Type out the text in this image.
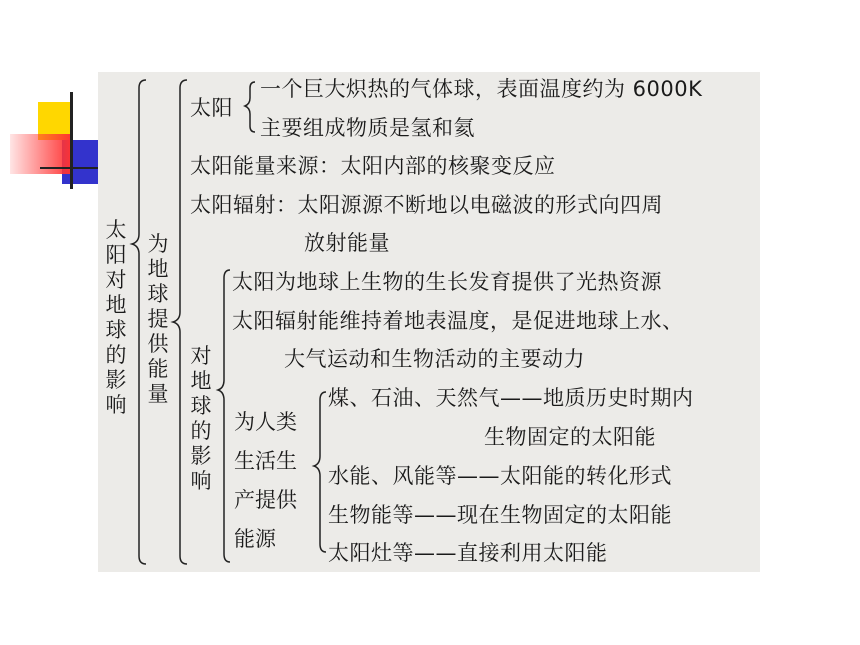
太阳对地球的影响
为地球提供能量
太阳
一个巨大炽热的气体球，表面温度约为 6000K
主要组成物质是氢和氦
太阳能量来源：太阳内部的核聚变反应
太阳辐射：太阳源源不断地以电磁波的形式向四周
放射能量
对地球的影响
太阳为地球上生物的生长发育提供了光热资源
太阳辐射能维持着地表温度，是促进地球上水、
大气运动和生物活动的主要动力
为人类生活生产提供能源
煤、石油、天然气——地质历史时期内
生物固定的太阳能
水能、风能等——太阳能的转化形式
生物能等——现在生物固定的太阳能
太阳灶等——直接利用太阳能
